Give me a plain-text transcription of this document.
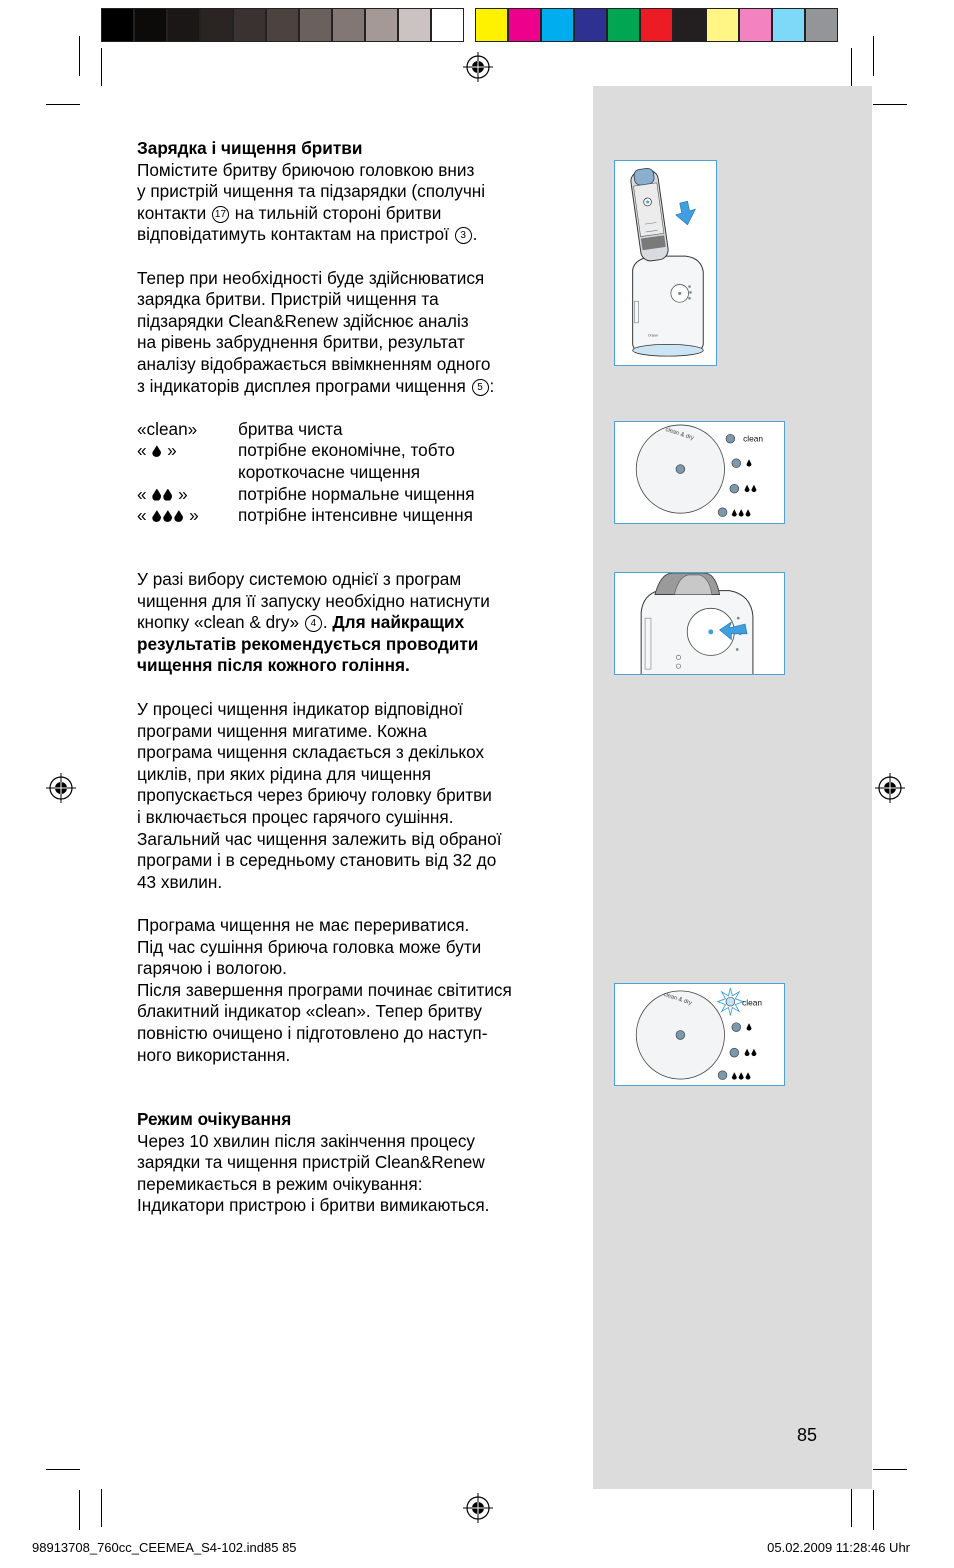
braun
clean & dry	clean
clean & dry	clean

Зарядка і чищення бритви

Помістите бритву бриючою головкою вниз

у пристрій чищення та підзарядки (сполучні

контакти 17 на тильній стороні бритви

відповідатимуть контактам на пристрої 3 .

Тепер при необхідності буде здійснюватися

зарядка бритви. Пристрій чищення та

підзарядки Clean&Renew здійснює аналіз

на рівень забруднення бритви, результат

аналізу відображається ввімкненням одного

з індикаторів дисплея програми чищення 5 :

«clean»	бритва чиста
« »	потрібне економічне, тобто
короткочасне чищення
« »	потрібне нормальне чищення
« »	потрібне інтенсивне чищення

У разі вибору системою однієї з програм

чищення для її запуску необхідно натиснути

кнопку «clean & dry» 4 . Для найкращих

результатів рекомендується проводити

чищення після кожного гоління.

У процесі чищення індикатор відповідної

програми чищення мигатиме. Кожна

програма чищення складається з декількох

циклів, при яких рідина для чищення

пропускається через бриючу головку бритви

і включається процес гарячого сушіння.

Загальний час чищення залежить від обраної

програми і в середньому становить від 32 до

43 хвилин.

Програма чищення не має перериватися.

Під час сушіння бриюча головка може бути

гарячою і вологою.

Після завершення програми починає світитися

блакитний індикатор «clean». Тепер бритву

повністю очищено і підготовлено до наступ-

ного використання.

Режим очікування

Через 10 хвилин після закінчення процесу

зарядки та чищення пристрій Clean&Renew

перемикається в режим очікування:

Індикатори пристрою і бритви вимикаються.

85
98913708_760cc_CEEMEA_S4-102.ind85 85	05.02.2009 11:28:46 Uhr
